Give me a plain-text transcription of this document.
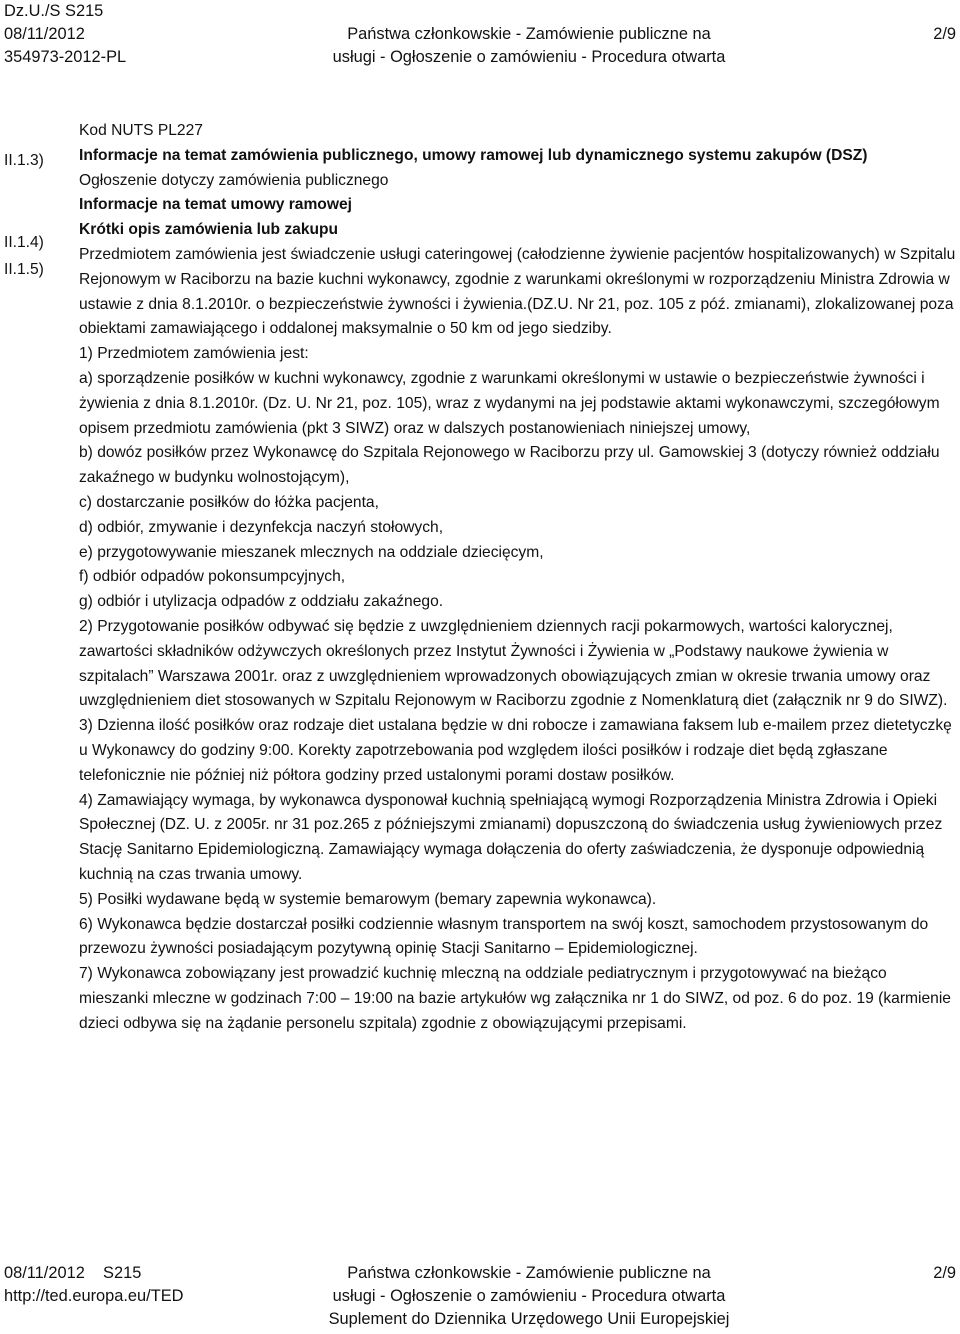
Dz.U./S S215
08/11/2012
354973-2012-PL
Państwa członkowskie - Zamówienie publiczne na
usługi - Ogłoszenie o zamówieniu - Procedura otwarta
2/9
II.1.3)
II.1.4)
II.1.5)

Kod NUTS PL227

Informacje na temat zamówienia publicznego, umowy ramowej lub dynamicznego systemu zakupów (DSZ)

Ogłoszenie dotyczy zamówienia publicznego

Informacje na temat umowy ramowej

Krótki opis zamówienia lub zakupu

Przedmiotem zamówienia jest świadczenie usługi cateringowej (całodzienne żywienie pacjentów hospitalizowanych) w Szpitalu Rejonowym w Raciborzu na bazie kuchni wykonawcy, zgodnie z warunkami określonymi w rozporządzeniu Ministra Zdrowia w ustawie z dnia 8.1.2010r. o bezpieczeństwie żywności i żywienia.(DZ.U. Nr 21, poz. 105 z póź. zmianami), zlokalizowanej poza obiektami zamawiającego i oddalonej maksymalnie o 50 km od jego siedziby.

1) Przedmiotem zamówienia jest:

a) sporządzenie posiłków w kuchni wykonawcy, zgodnie z warunkami określonymi w ustawie o bezpieczeństwie żywności i żywienia z dnia 8.1.2010r. (Dz. U. Nr 21, poz. 105), wraz z wydanymi na jej podstawie aktami wykonawczymi, szczegółowym opisem przedmiotu zamówienia (pkt 3 SIWZ) oraz w dalszych postanowieniach niniejszej umowy,

b) dowóz posiłków przez Wykonawcę do Szpitala Rejonowego w Raciborzu przy ul. Gamowskiej 3 (dotyczy również oddziału zakaźnego w budynku wolnostojącym),

c) dostarczanie posiłków do łóżka pacjenta,

d) odbiór, zmywanie i dezynfekcja naczyń stołowych,

e) przygotowywanie mieszanek mlecznych na oddziale dziecięcym,

f) odbiór odpadów pokonsumpcyjnych,

g) odbiór i utylizacja odpadów z oddziału zakaźnego.

2) Przygotowanie posiłków odbywać się będzie z uwzględnieniem dziennych racji pokarmowych, wartości kalorycznej, zawartości składników odżywczych określonych przez Instytut Żywności i Żywienia w „Podstawy naukowe żywienia w szpitalach” Warszawa 2001r. oraz z uwzględnieniem wprowadzonych obowiązujących zmian w okresie trwania umowy oraz uwzględnieniem diet stosowanych w Szpitalu Rejonowym w Raciborzu zgodnie z Nomenklaturą diet (załącznik nr 9 do SIWZ).

3) Dzienna ilość posiłków oraz rodzaje diet ustalana będzie w dni robocze i zamawiana faksem lub e-mailem przez dietetyczkę u Wykonawcy do godziny 9:00. Korekty zapotrzebowania pod względem ilości posiłków i rodzaje diet będą zgłaszane telefonicznie nie później niż półtora godziny przed ustalonymi porami dostaw posiłków.

4) Zamawiający wymaga, by wykonawca dysponował kuchnią spełniającą wymogi Rozporządzenia Ministra Zdrowia i Opieki Społecznej (DZ. U. z 2005r. nr 31 poz.265 z późniejszymi zmianami) dopuszczoną do świadczenia usług żywieniowych przez Stację Sanitarno Epidemiologiczną. Zamawiający wymaga dołączenia do oferty zaświadczenia, że dysponuje odpowiednią kuchnią na czas trwania umowy.

5) Posiłki wydawane będą w systemie bemarowym (bemary zapewnia wykonawca).

6) Wykonawca będzie dostarczał posiłki codziennie własnym transportem na swój koszt, samochodem przystosowanym do przewozu żywności posiadającym pozytywną opinię Stacji Sanitarno – Epidemiologicznej.

7) Wykonawca zobowiązany jest prowadzić kuchnię mleczną na oddziale pediatrycznym i przygotowywać na bieżąco mieszanki mleczne w godzinach 7:00 – 19:00 na bazie artykułów wg załącznika nr 1 do SIWZ, od poz. 6 do poz. 19 (karmienie dzieci odbywa się na żądanie personelu szpitala) zgodnie z obowiązującymi przepisami.

08/11/2012    S215
http://ted.europa.eu/TED
Państwa członkowskie - Zamówienie publiczne na
usługi - Ogłoszenie o zamówieniu - Procedura otwarta
Suplement do Dziennika Urzędowego Unii Europejskiej
2/9
